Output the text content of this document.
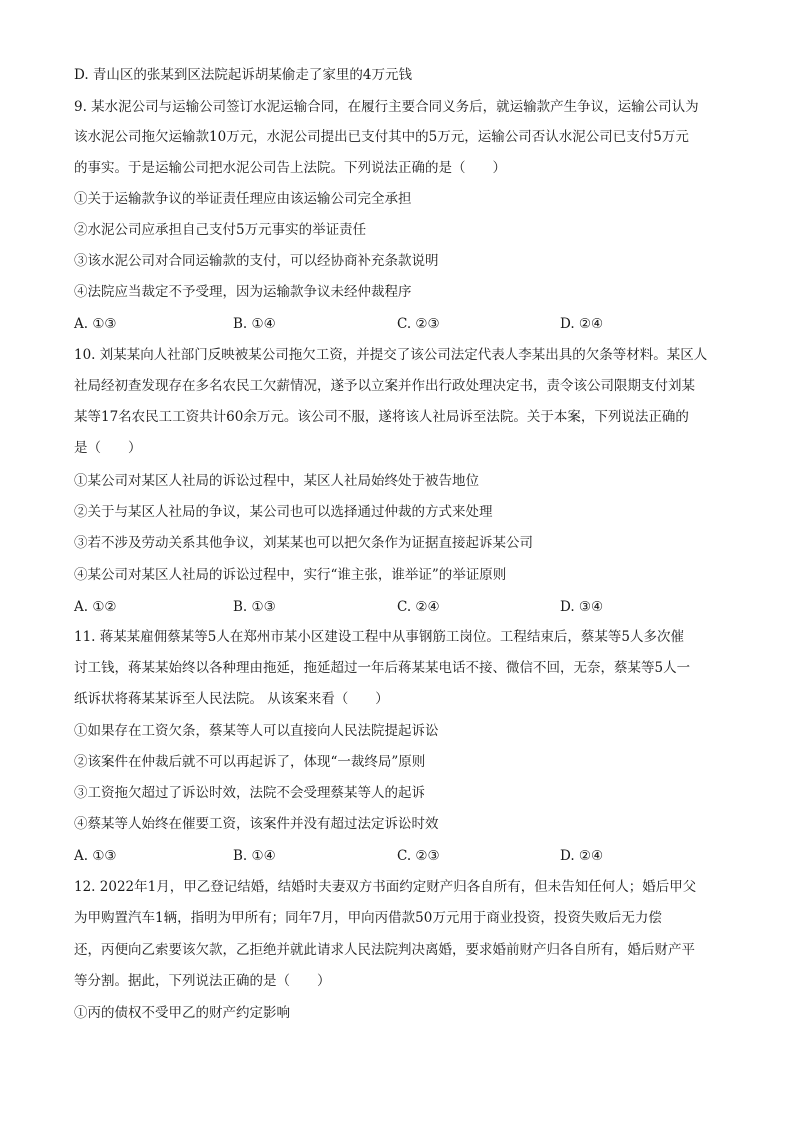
D. 青山区的张某到区法院起诉胡某偷走了家里的4万元钱
9. 某水泥公司与运输公司签订水泥运输合同，在履行主要合同义务后，就运输款产生争议，运输公司认为
该水泥公司拖欠运输款10万元，水泥公司提出已支付其中的5万元，运输公司否认水泥公司已支付5万元
的事实。于是运输公司把水泥公司告上法院。下列说法正确的是（　　）
①关于运输款争议的举证责任理应由该运输公司完全承担
②水泥公司应承担自己支付5万元事实的举证责任
③该水泥公司对合同运输款的支付，可以经协商补充条款说明
④法院应当裁定不予受理，因为运输款争议未经仲裁程序
A. ①③	B. ①④	C. ②③	D. ②④
10. 刘某某向人社部门反映被某公司拖欠工资，并提交了该公司法定代表人李某出具的欠条等材料。某区人
社局经初查发现存在多名农民工欠薪情况，遂予以立案并作出行政处理决定书，责令该公司限期支付刘某
某等17名农民工工资共计60余万元。该公司不服，遂将该人社局诉至法院。关于本案，下列说法正确的
是（　　）
①某公司对某区人社局的诉讼过程中，某区人社局始终处于被告地位
②关于与某区人社局的争议，某公司也可以选择通过仲裁的方式来处理
③若不涉及劳动关系其他争议，刘某某也可以把欠条作为证据直接起诉某公司
④某公司对某区人社局的诉讼过程中，实行“谁主张，谁举证”的举证原则
A. ①②	B. ①③	C. ②④	D. ③④
11. 蒋某某雇佣蔡某等5人在郑州市某小区建设工程中从事钢筋工岗位。工程结束后，蔡某等5人多次催
讨工钱，蒋某某始终以各种理由拖延，拖延超过一年后蒋某某电话不接、微信不回，无奈，蔡某等5人一
纸诉状将蒋某某诉至人民法院。 从该案来看（　　）
①如果存在工资欠条，蔡某等人可以直接向人民法院提起诉讼
②该案件在仲裁后就不可以再起诉了，体现“一裁终局”原则
③工资拖欠超过了诉讼时效，法院不会受理蔡某等人的起诉
④蔡某等人始终在催要工资，该案件并没有超过法定诉讼时效
A. ①③	B. ①④	C. ②③	D. ②④
12. 2022年1月，甲乙登记结婚，结婚时夫妻双方书面约定财产归各自所有，但未告知任何人；婚后甲父
为甲购置汽车1辆，指明为甲所有；同年7月，甲向丙借款50万元用于商业投资，投资失败后无力偿
还，丙便向乙索要该欠款，乙拒绝并就此请求人民法院判决离婚，要求婚前财产归各自所有，婚后财产平
等分割。据此，下列说法正确的是（　　）
①丙的债权不受甲乙的财产约定影响
